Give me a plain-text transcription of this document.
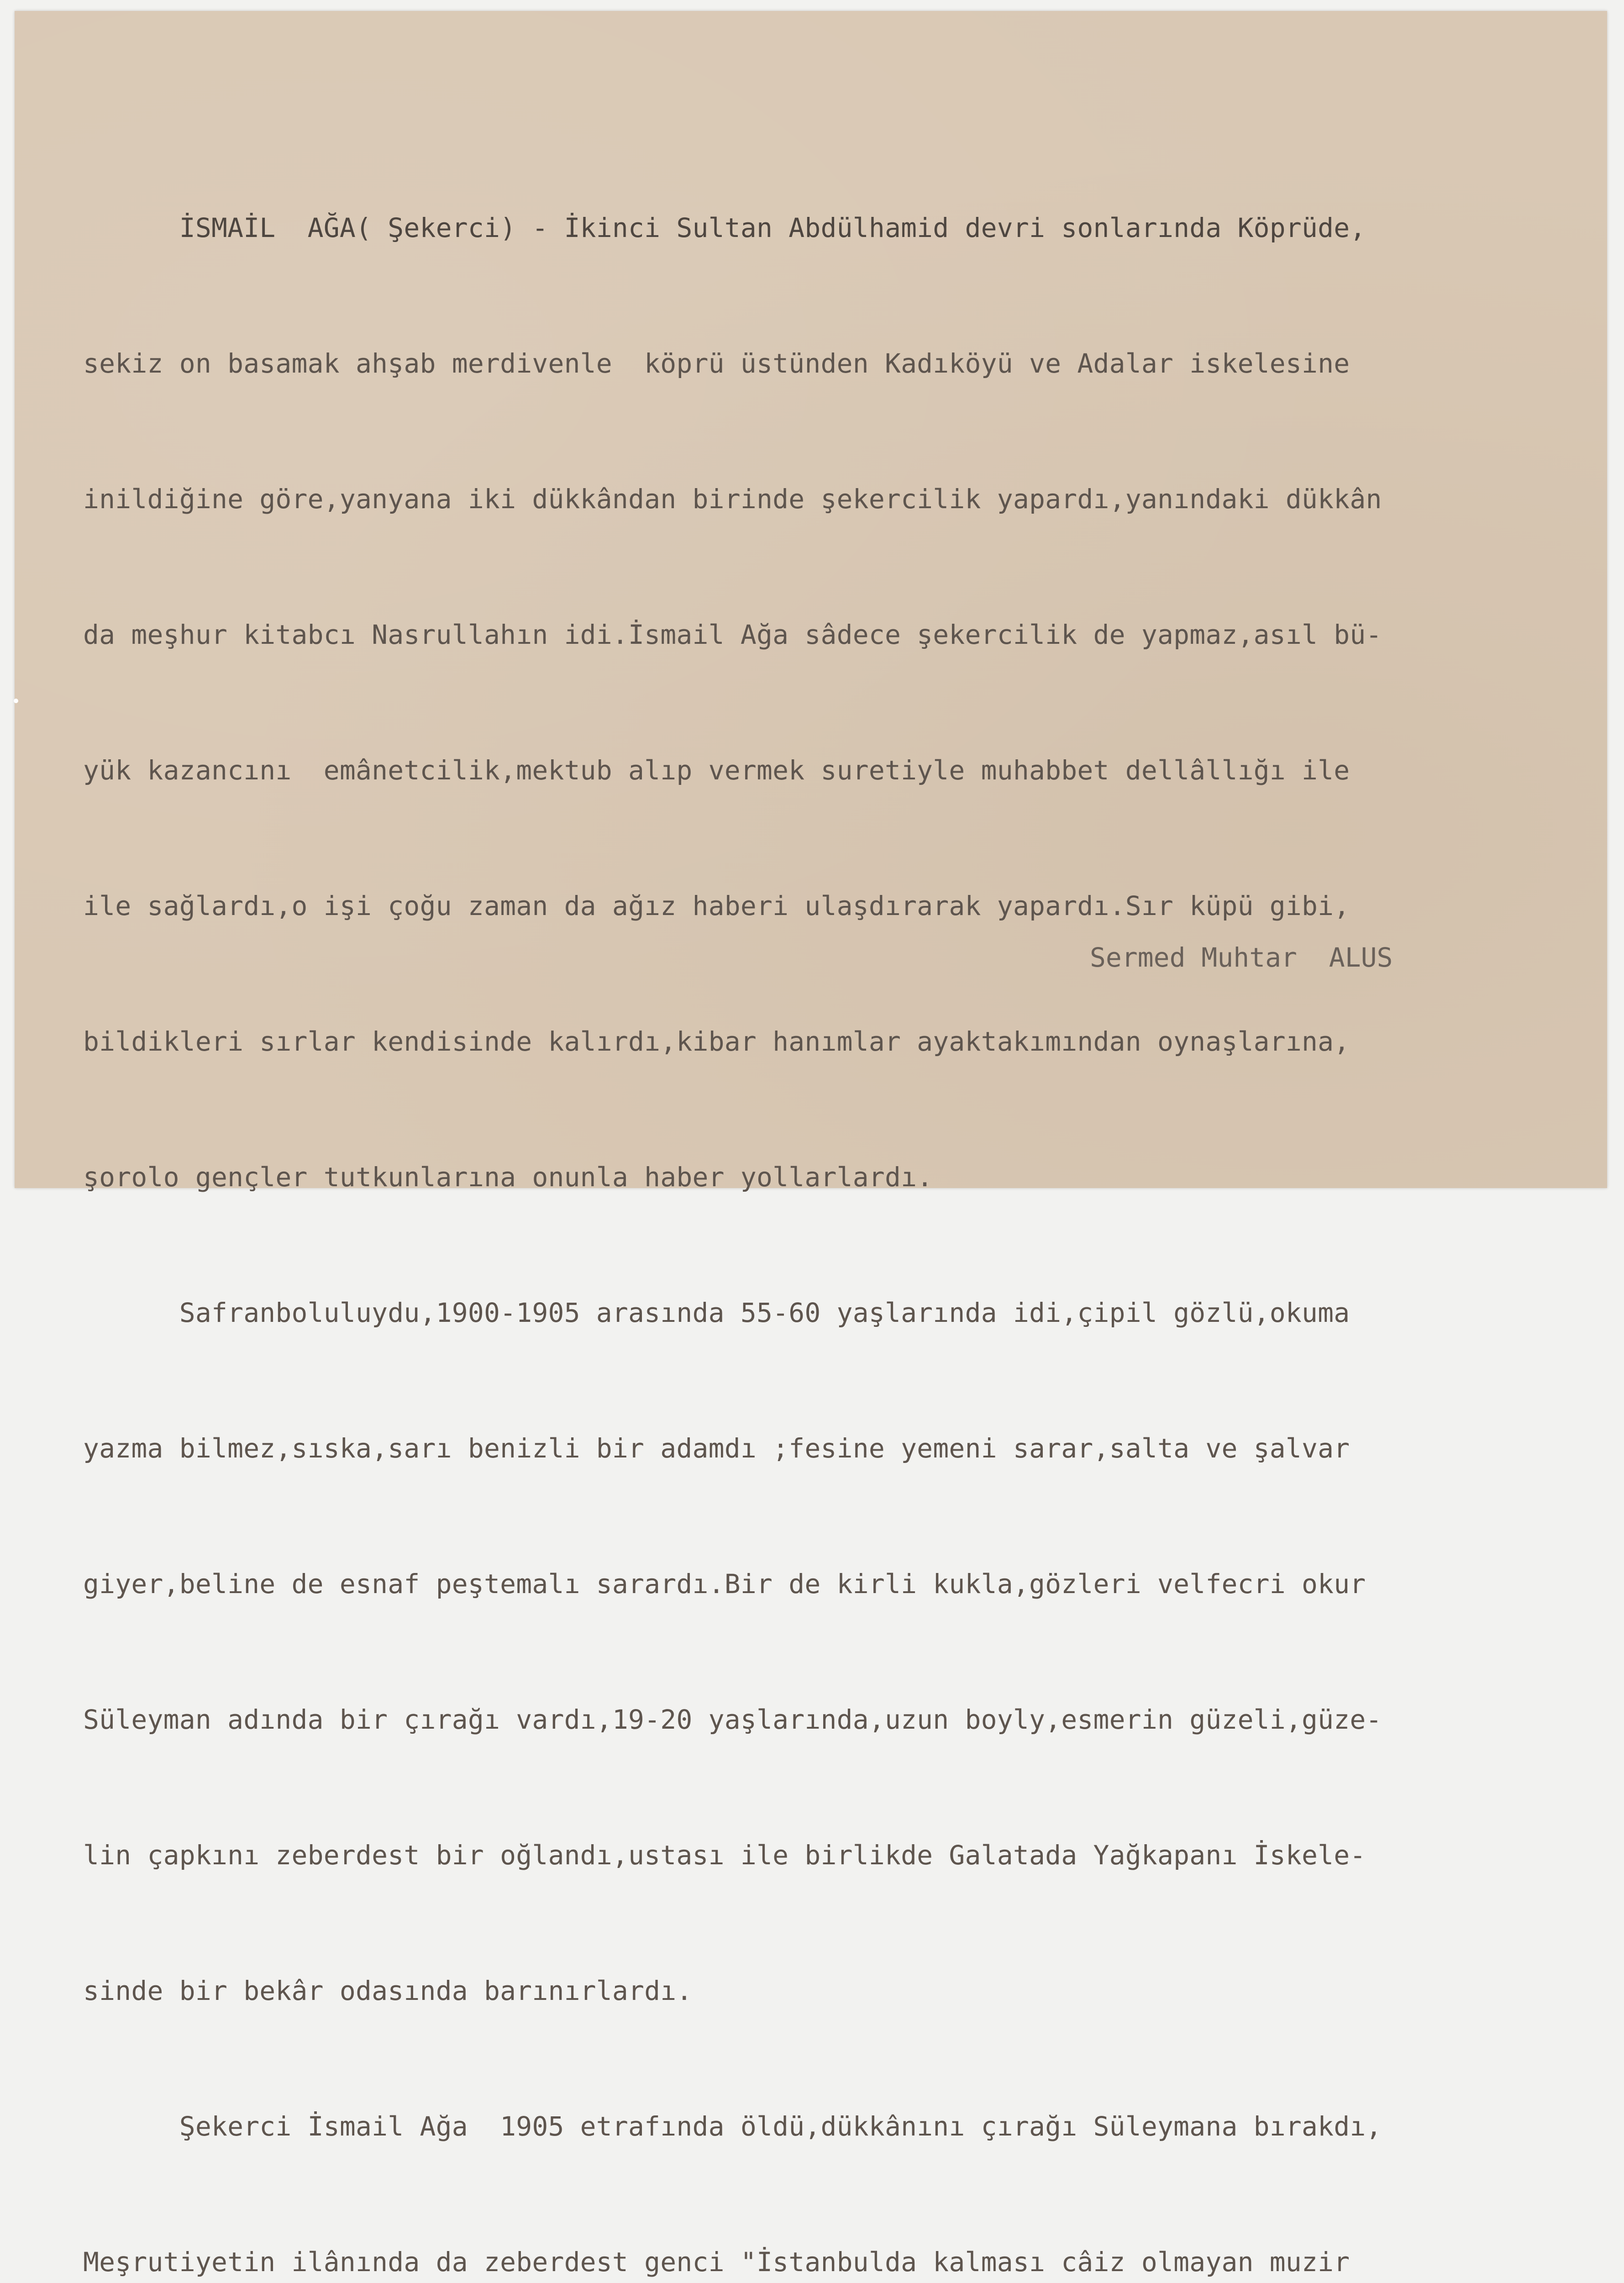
İSMAİL  AĞA( Şekerci) - İkinci Sultan Abdülhamid devri sonlarında Köprüde,

sekiz on basamak ahşab merdivenle  köprü üstünden Kadıköyü ve Adalar iskelesine

inildiğine göre,yanyana iki dükkândan birinde şekercilik yapardı,yanındaki dükkân

da meşhur kitabcı Nasrullahın idi.İsmail Ağa sâdece şekercilik de yapmaz,asıl bü-

yük kazancını  emânetcilik,mektub alıp vermek suretiyle muhabbet dellâllığı ile

ile sağlardı,o işi çoğu zaman da ağız haberi ulaşdırarak yapardı.Sır küpü gibi,

bildikleri sırlar kendisinde kalırdı,kibar hanımlar ayaktakımından oynaşlarına,

şorolo gençler tutkunlarına onunla haber yollarlardı.

Safranboluluydu,1900-1905 arasında 55-60 yaşlarında idi,çipil gözlü,okuma

yazma bilmez,sıska,sarı benizli bir adamdı ;fesine yemeni sarar,salta ve şalvar

giyer,beline de esnaf peştemalı sarardı.Bir de kirli kukla,gözleri velfecri okur

Süleyman adında bir çırağı vardı,19-20 yaşlarında,uzun boyly,esmerin güzeli,güze-

lin çapkını zeberdest bir oğlandı,ustası ile birlikde Galatada Yağkapanı İskele-

sinde bir bekâr odasında barınırlardı.

Şekerci İsmail Ağa  1905 etrafında öldü,dükkânını çırağı Süleymana bırakdı,

Meşrutiyetin ilânında da zeberdest genci "İstanbulda kalması câiz olmayan muzir

Sermed Muhtar  ALUS
